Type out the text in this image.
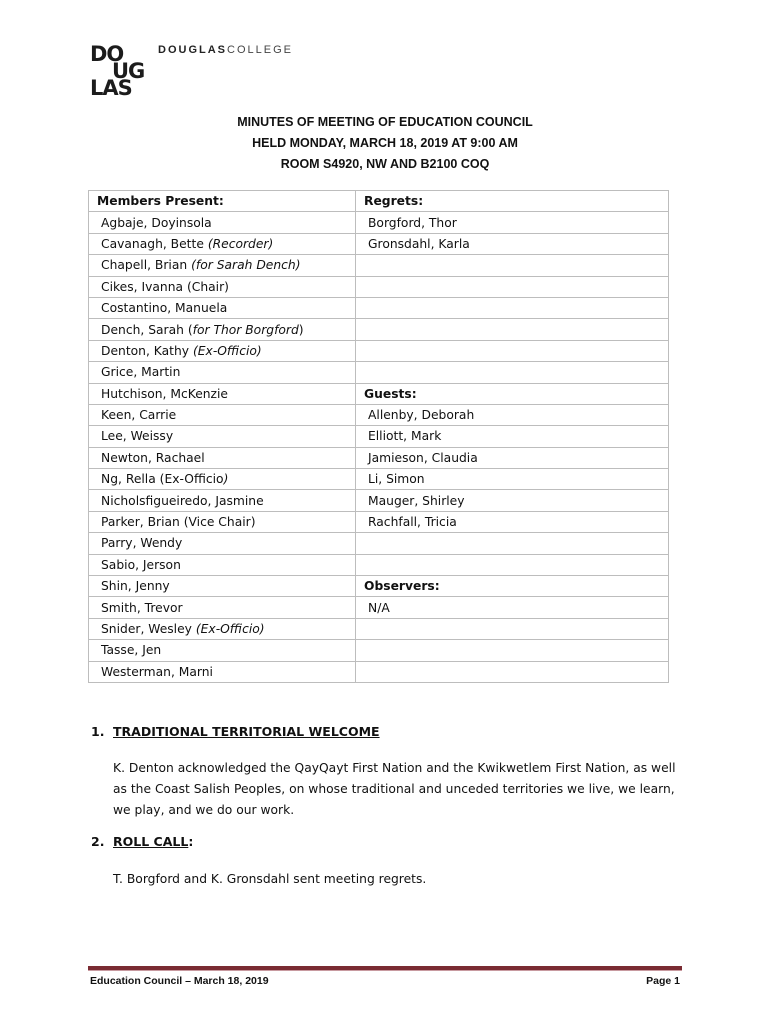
DO
UG
LAS
DOUGLASCOLLEGE
MINUTES OF MEETING OF EDUCATION COUNCIL
HELD MONDAY, MARCH 18, 2019 AT 9:00 AM
ROOM S4920, NW AND B2100 COQ
Members Present:	Regrets:
Agbaje, Doyinsola	Borgford, Thor
Cavanagh, Bette (Recorder)	Gronsdahl, Karla
Chapell, Brian (for Sarah Dench)	
Cikes, Ivanna (Chair)	
Costantino, Manuela	
Dench, Sarah (for Thor Borgford)	
Denton, Kathy (Ex-Officio)	
Grice, Martin	
Hutchison, McKenzie	Guests:
Keen, Carrie	Allenby, Deborah
Lee, Weissy	Elliott, Mark
Newton, Rachael	Jamieson, Claudia
Ng, Rella (Ex-Officio)	Li, Simon
Nicholsfigueiredo, Jasmine	Mauger, Shirley
Parker, Brian (Vice Chair)	Rachfall, Tricia
Parry, Wendy	
Sabio, Jerson	
Shin, Jenny	Observers:
Smith, Trevor	N/A
Snider, Wesley (Ex-Officio)	
Tasse, Jen	
Westerman, Marni	
1. TRADITIONAL TERRITORIAL WELCOME
K. Denton acknowledged the QayQayt First Nation and the Kwikwetlem First Nation, as well
as the Coast Salish Peoples, on whose traditional and unceded territories we live, we learn,
we play, and we do our work.
2. ROLL CALL:
T. Borgford and K. Gronsdahl sent meeting regrets.
Education Council – March 18, 2019	Page 1
